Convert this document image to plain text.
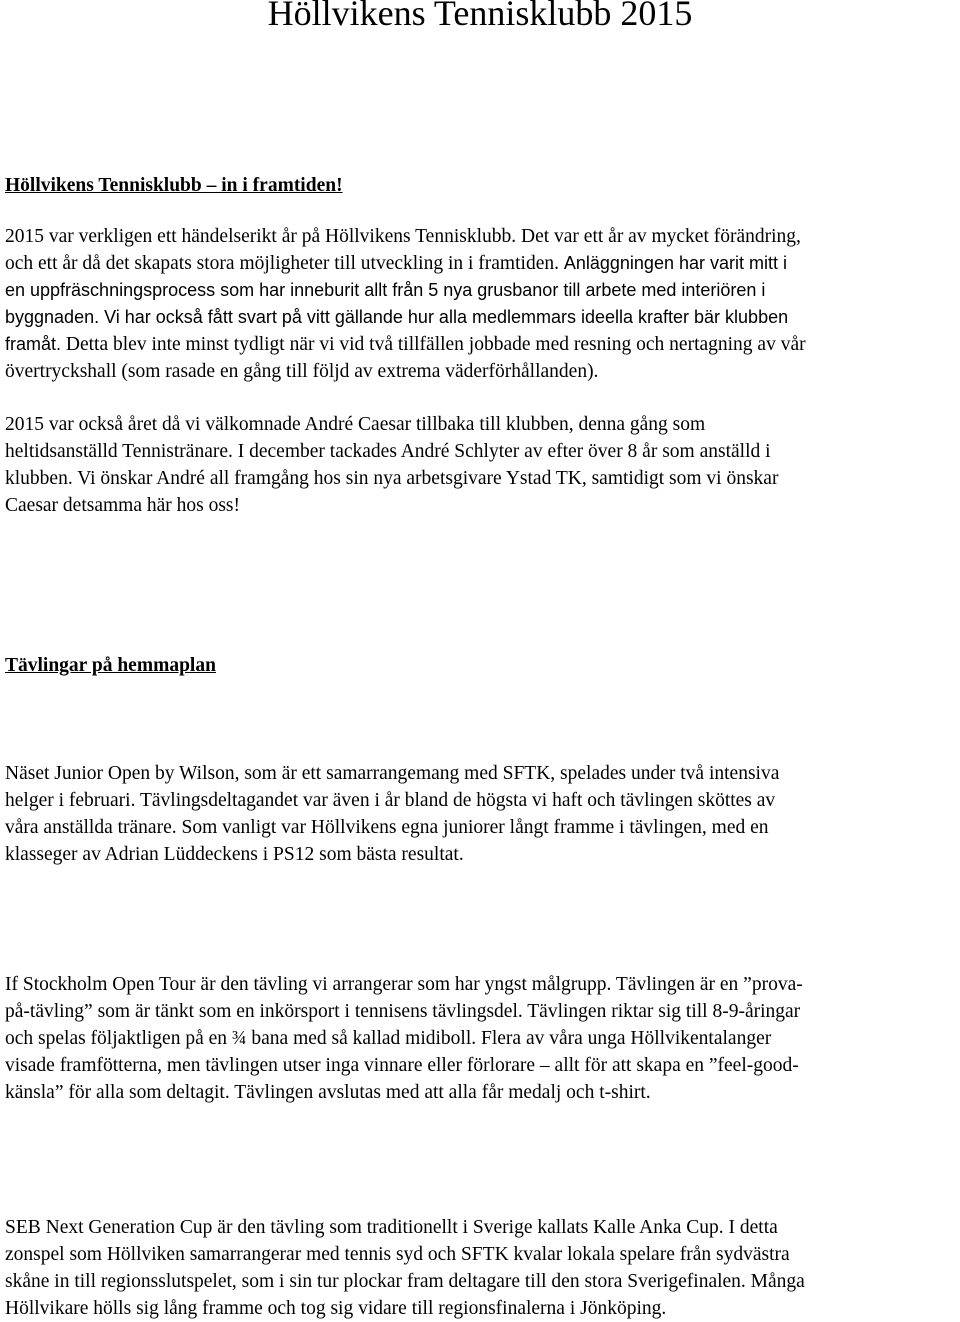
Höllvikens Tennisklubb 2015
Höllvikens Tennisklubb – in i framtiden!

2015 var verkligen ett händelserikt år på Höllvikens Tennisklubb. Det var ett år av mycket förändring,
och ett år då det skapats stora möjligheter till utveckling in i framtiden. Anläggningen har varit mitt i
en uppfräschningsprocess som har inneburit allt från 5 nya grusbanor till arbete med interiören i
byggnaden. Vi har också fått svart på vitt gällande hur alla medlemmars ideella krafter bär klubben
framåt. Detta blev inte minst tydligt när vi vid två tillfällen jobbade med resning och nertagning av vår
övertryckshall (som rasade en gång till följd av extrema väderförhållanden).

2015 var också året då vi välkomnade André Caesar tillbaka till klubben, denna gång som
heltidsanställd Tennistränare. I december tackades André Schlyter av efter över 8 år som anställd i
klubben. Vi önskar André all framgång hos sin nya arbetsgivare Ystad TK, samtidigt som vi önskar
Caesar detsamma här hos oss!

Tävlingar på hemmaplan

Näset Junior Open by Wilson, som är ett samarrangemang med SFTK, spelades under två intensiva
helger i februari. Tävlingsdeltagandet var även i år bland de högsta vi haft och tävlingen sköttes av
våra anställda tränare. Som vanligt var Höllvikens egna juniorer långt framme i tävlingen, med en
klasseger av Adrian Lüddeckens i PS12 som bästa resultat.

If Stockholm Open Tour är den tävling vi arrangerar som har yngst målgrupp. Tävlingen är en ”prova-
på-tävling” som är tänkt som en inkörsport i tennisens tävlingsdel. Tävlingen riktar sig till 8-9-åringar
och spelas följaktligen på en ¾ bana med så kallad midiboll. Flera av våra unga Höllvikentalanger
visade framfötterna, men tävlingen utser inga vinnare eller förlorare – allt för att skapa en ”feel-good-
känsla” för alla som deltagit. Tävlingen avslutas med att alla får medalj och t-shirt.

SEB Next Generation Cup är den tävling som traditionellt i Sverige kallats Kalle Anka Cup. I detta
zonspel som Höllviken samarrangerar med tennis syd och SFTK kvalar lokala spelare från sydvästra
skåne in till regionsslutspelet, som i sin tur plockar fram deltagare till den stora Sverigefinalen. Många
Höllvikare hölls sig lång framme och tog sig vidare till regionsfinalerna i Jönköping.
